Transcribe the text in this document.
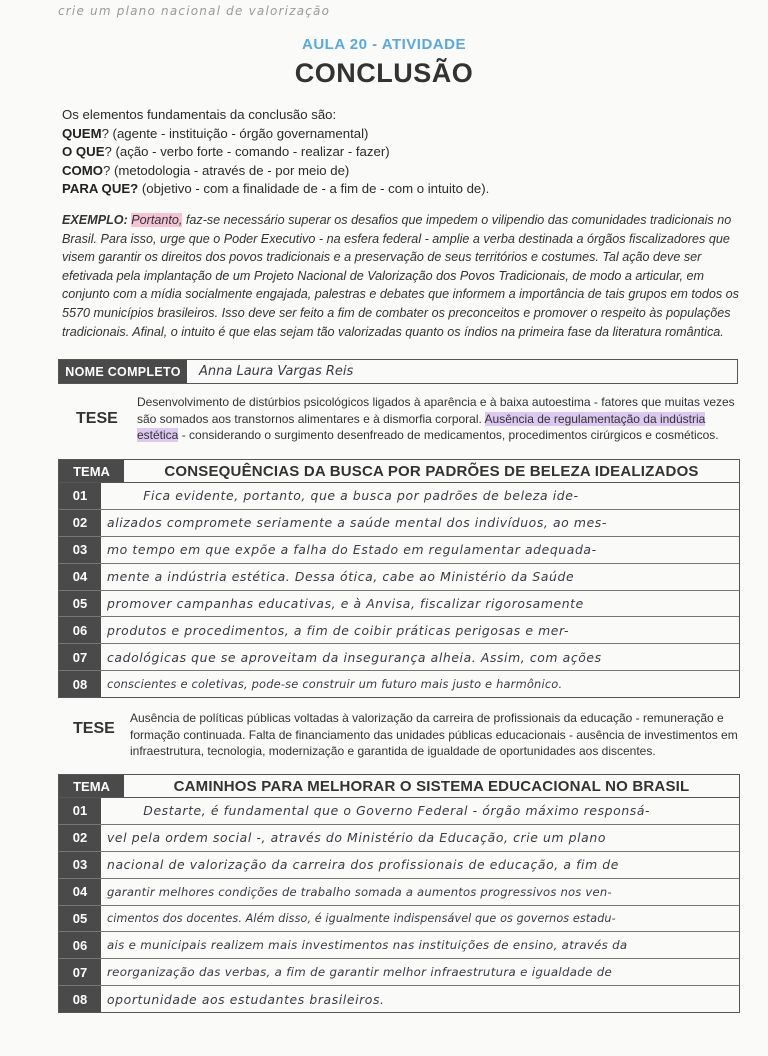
crie um plano nacional de valorização
AULA 20 - ATIVIDADE
CONCLUSÃO
Os elementos fundamentais da conclusão são:
QUEM? (agente - instituição - órgão governamental)
O QUE? (ação - verbo forte - comando - realizar - fazer)
COMO? (metodologia - através de - por meio de)
PARA QUE? (objetivo - com a finalidade de - a fim de - com o intuito de).
EXEMPLO: Portanto, faz-se necessário superar os desafios que impedem o vilipendio das comunidades tradicionais no Brasil. Para isso, urge que o Poder Executivo - na esfera federal - amplie a verba destinada a órgãos fiscalizadores que visem garantir os direitos dos povos tradicionais e a preservação de seus territórios e costumes. Tal ação deve ser efetivada pela implantação de um Projeto Nacional de Valorização dos Povos Tradicionais, de modo a articular, em conjunto com a mídia socialmente engajada, palestras e debates que informem a importância de tais grupos em todos os 5570 municípios brasileiros. Isso deve ser feito a fim de combater os preconceitos e promover o respeito às populações tradicionais. Afinal, o intuito é que elas sejam tão valorizadas quanto os índios na primeira fase da literatura romântica.
NOME COMPLETO	Anna Laura Vargas Reis
TESE
Desenvolvimento de distúrbios psicológicos ligados à aparência e à baixa autoestima - fatores que muitas vezes são somados aos transtornos alimentares e à dismorfia corporal. Ausência de regulamentação da indústria estética - considerando o surgimento desenfreado de medicamentos, procedimentos cirúrgicos e cosméticos.
TEMA	CONSEQUÊNCIAS DA BUSCA POR PADRÕES DE BELEZA IDEALIZADOS
01	Fica evidente, portanto, que a busca por padrões de beleza ide-
02	alizados compromete seriamente a saúde mental dos indivíduos, ao mes-
03	mo tempo em que expõe a falha do Estado em regulamentar adequada-
04	mente a indústria estética. Dessa ótica, cabe ao Ministério da Saúde
05	promover campanhas educativas, e à Anvisa, fiscalizar rigorosamente
06	produtos e procedimentos, a fim de coibir práticas perigosas e mer-
07	cadológicas que se aproveitam da insegurança alheia. Assim, com ações
08	conscientes e coletivas, pode-se construir um futuro mais justo e harmônico.
TESE
Ausência de políticas públicas voltadas à valorização da carreira de profissionais da educação - remuneração e formação continuada. Falta de financiamento das unidades públicas educacionais - ausência de investimentos em infraestrutura, tecnologia, modernização e garantida de igualdade de oportunidades aos discentes.
TEMA	CAMINHOS PARA MELHORAR O SISTEMA EDUCACIONAL NO BRASIL
01	Destarte, é fundamental que o Governo Federal - órgão máximo responsá-
02	vel pela ordem social -, através do Ministério da Educação, crie um plano
03	nacional de valorização da carreira dos profissionais de educação, a fim de
04	garantir melhores condições de trabalho somada a aumentos progressivos nos ven-
05	cimentos dos docentes. Além disso, é igualmente indispensável que os governos estadu-
06	ais e municipais realizem mais investimentos nas instituições de ensino, através da
07	reorganização das verbas, a fim de garantir melhor infraestrutura e igualdade de
08	oportunidade aos estudantes brasileiros.
